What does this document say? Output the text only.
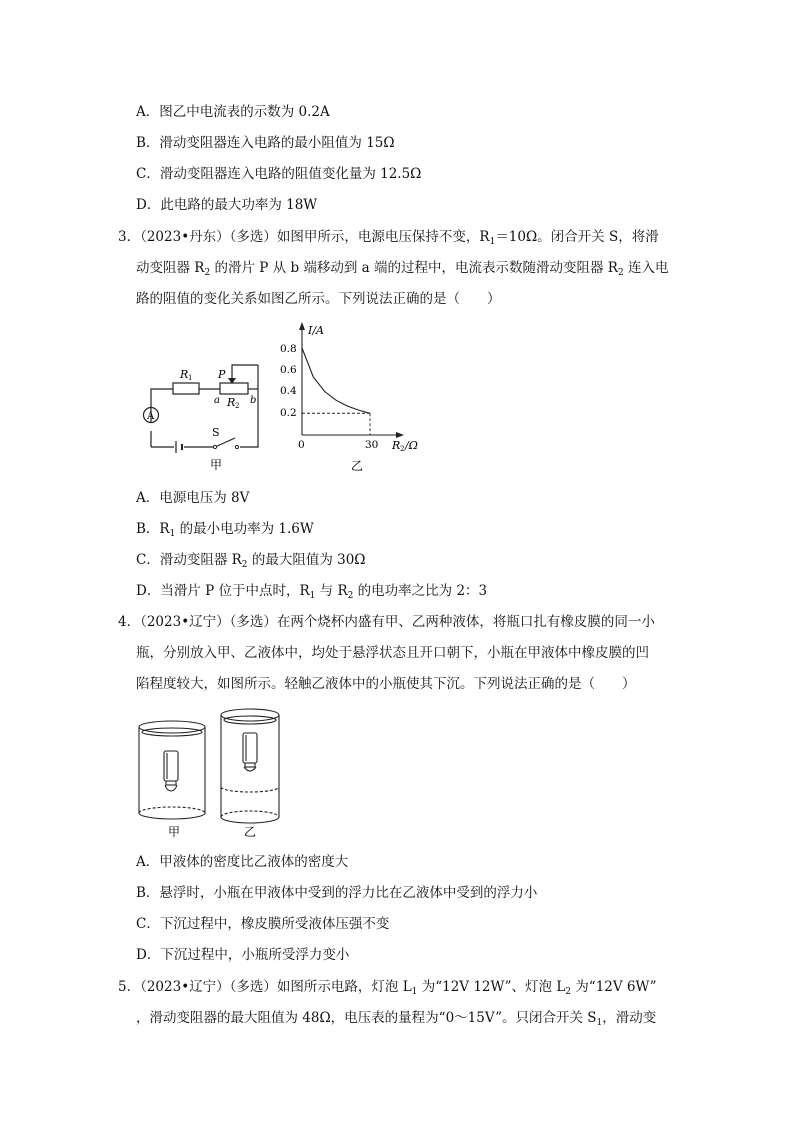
A．图乙中电流表的示数为 0.2A
B．滑动变阻器连入电路的最小阻值为 15Ω
C．滑动变阻器连入电路的阻值变化量为 12.5Ω
D．此电路的最大功率为 18W
3．（2023•丹东）（多选）如图甲所示，电源电压保持不变，$R_1=10\Omega$。闭合开关 S，将滑
动变阻器 $R_2$ 的滑片 P 从 b 端移动到 a 端的过程中，电流表示数随滑动变阻器 $R_2$ 连入电
路的阻值的变化关系如图乙所示。下列说法正确的是（　　）
R 1 P
a	b
R 2
A
S
甲
I/A
R 2 /Ω
0.8
0.6
0.4
0.2
0	30
乙
A．电源电压为 8V
B．$R_1$ 的最小电功率为 1.6W
C．滑动变阻器 $R_2$ 的最大阻值为 30Ω
D．当滑片 P 位于中点时，$R_1$ 与 $R_2$ 的电功率之比为 2：3
4．（2023•辽宁）（多选）在两个烧杯内盛有甲、乙两种液体，将瓶口扎有橡皮膜的同一小
瓶，分别放入甲、乙液体中，均处于悬浮状态且开口朝下，小瓶在甲液体中橡皮膜的凹
陷程度较大，如图所示。轻触乙液体中的小瓶使其下沉。下列说法正确的是（　　）
甲	乙
A．甲液体的密度比乙液体的密度大
B．悬浮时，小瓶在甲液体中受到的浮力比在乙液体中受到的浮力小
C．下沉过程中，橡皮膜所受液体压强不变
D．下沉过程中，小瓶所受浮力变小
5．（2023•辽宁）（多选）如图所示电路，灯泡 $L_1$ 为“12V 12W”、灯泡 $L_2$ 为“12V 6W”
，滑动变阻器的最大阻值为 48Ω，电压表的量程为“0～15V”。只闭合开关 $S_1$，滑动变
